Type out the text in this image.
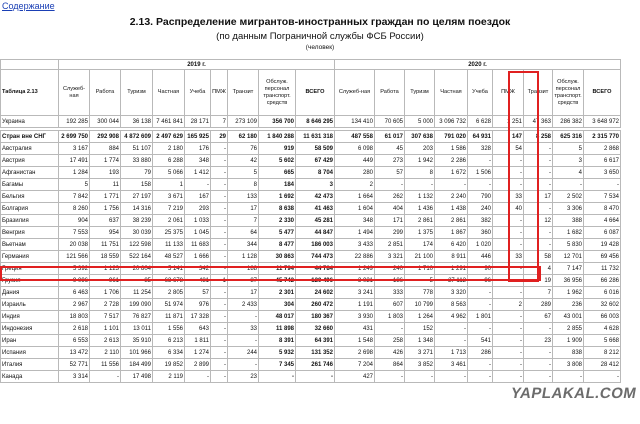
Содержание
2.13. Распределение мигрантов-иностранных граждан по целям поездок
(по данным Пограничной службы ФСБ России)
(человек)
	2019 г.									2020 г.								
Таблица 2.13	Служеб-ная	Работа	Туризм	Частная	Учеба	ПМЖ	Транзит	Обслуж. персонал транспорт. средств	ВСЕГО	Служеб-ная	Работа	Туризм	Частная	Учеба	ПМЖ	Транзит	Обслуж. персонал транспорт. средств	ВСЕГО
Украина	192 285	300 044	36 138	7 461 841	28 171	7	273 109	356 700	8 646 295	134 410	70 605	5 000	3 096 732	6 628	1 251	47 363	286 382	3 648 972

Стран вне СНГ	2 699 750	292 908	4 872 609	2 497 629	165 925	29	62 180	1 840 288	11 631 318	487 558	61 017	307 638	791 020	64 931	147	8 258	625 316	2 315 770
Австралия	3 167	884	51 107	2 180	176	-	76	919	58 509	6 098	45	203	1 586	328	54	-	5	2 868
Австрия	17 491	1 774	33 880	6 288	348	-	42	5 602	67 429	449	273	1 942	2 286	-	-	-	3	6 617
Афганистан	1 284	193	79	5 066	1 412	-	5	665	8 704	280	57	8	1 672	1 506	-	-	4	3 650
Багамы	5	11	158	1	-	-	8	184	3	2	-	-	-	-	-	-	-	-
Бельгия	7 842	1 771	27 197	3 671	167	-	133	1 692	42 473	1 664	262	1 132	2 240	790	33	17	2 502	7 534
Болгария	8 260	1 756	14 316	7 219	293	-	17	8 638	41 463	1 604	404	1 436	1 438	240	40	-	3 306	8 470
Бразилия	904	637	38 239	2 061	1 033	-	7	2 330	45 281	348	171	2 861	2 861	382	-	12	388	4 664
Венгрия	7 553	954	30 039	25 375	1 045	-	64	5 477	44 847	1 494	299	1 375	1 867	360	-	-	1 682	6 087
Вьетнам	20 038	11 751	122 598	11 133	11 683	-	344	8 477	186 003	3 433	2 851	174	6 420	1 020	-	-	5 830	19 428
Германия	121 566	18 559	522 164	48 527	1 666	-	1 128	30 863	744 473	22 886	3 321	21 100	8 911	446	33	58	12 701	69 456
Греция	5 392	1 123	20 804	5 141	342	-	188	11 794	44 784	1 249	240	1 710	1 291	90	-	4	7 147	11 732
Грузия	9 096	961	85	63 678	481	1	87	45 742	120 496	3 021	186	5	27 112	96	-	19	36 956	66 286
Дания	6 463	1 706	11 254	2 805	57	-	17	2 301	24 602	3 241	333	778	3 320	-	-	7	1 962	6 016
Израиль	2 967	2 728	199 090	51 974	976	-	2 433	304	260 472	1 191	607	10 799	8 563	-	2	289	236	32 602
Индия	18 803	7 517	76 827	11 871	17 328	-	-	48 017	180 367	3 930	1 803	1 264	4 962	1 801	-	67	43 001	66 003
Индонезия	2 618	1 101	13 011	1 556	643	-	33	11 898	32 660	431	-	152	-	-	-	-	2 855	4 628
Иран	6 553	2 613	35 910	6 213	1 811	-	-	8 391	64 391	1 548	258	1 348	-	541	-	23	1 909	5 668
Испания	13 472	2 110	101 966	6 334	1 274	-	244	5 932	131 352	2 698	426	3 271	1 713	286	-	-	838	8 212
Италия	52 771	11 556	184 499	19 852	2 899	-	-	7 345	261 746	7 204	864	3 852	3 461	-	-	-	3 808	28 412
Канада	3 314	-	17 498	2 119	-	-	23	-	-	427	-	-	-	-	-	-	-	-
YAPLAKAL.COM
